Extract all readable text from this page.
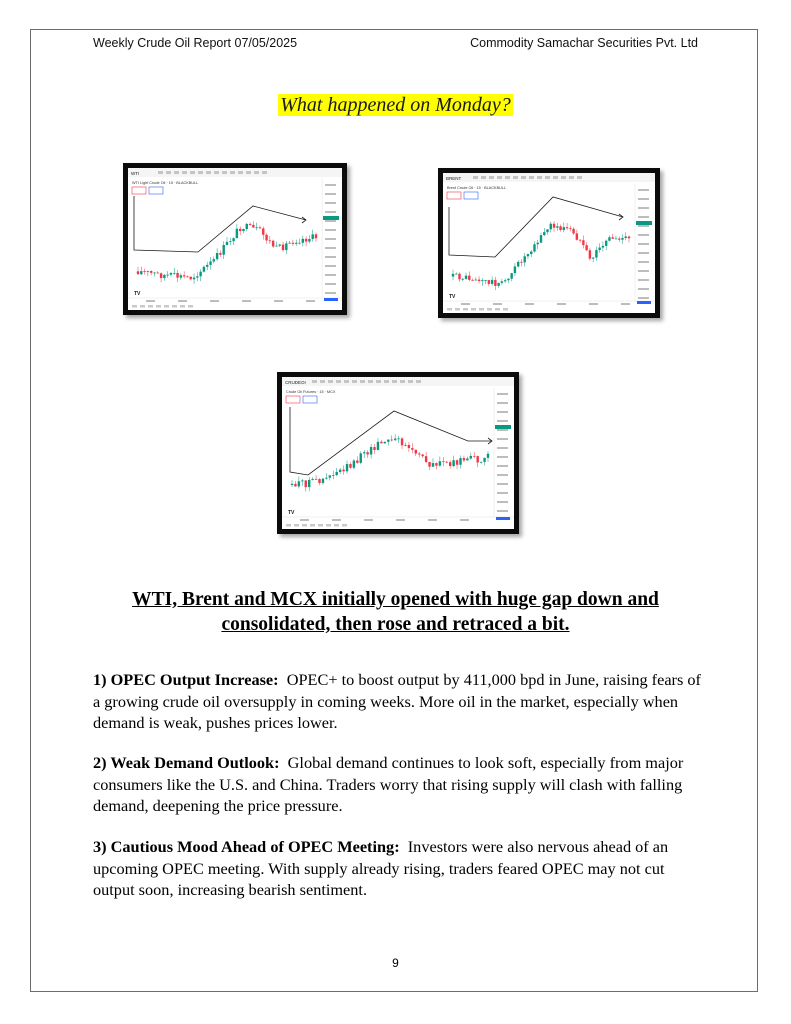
Weekly Crude Oil Report 07/05/2025	Commodity Samachar Securities Pvt. Ltd
What happened on Monday?
WTI
WTI Light Crude Oil · 15 · BLACKBULL
TV
BRENT
Brent Crude Oil · 15 · BLACKBULL
TV
CRUDEOI
Crude Oil Futures · 15 · MCX
TV
WTI, Brent and MCX initially opened with huge gap down and
consolidated, then rose and retraced a bit.
1) OPEC Output Increase: OPEC+ to boost output by 411,000 bpd in June, raising fears of a growing crude oil oversupply in coming weeks. More oil in the market, especially when demand is weak, pushes prices lower.
2) Weak Demand Outlook: Global demand continues to look soft, especially from major consumers like the U.S. and China. Traders worry that rising supply will clash with falling demand, deepening the price pressure.
3) Cautious Mood Ahead of OPEC Meeting: Investors were also nervous ahead of an upcoming OPEC meeting. With supply already rising, traders feared OPEC may not cut output soon, increasing bearish sentiment.
9
